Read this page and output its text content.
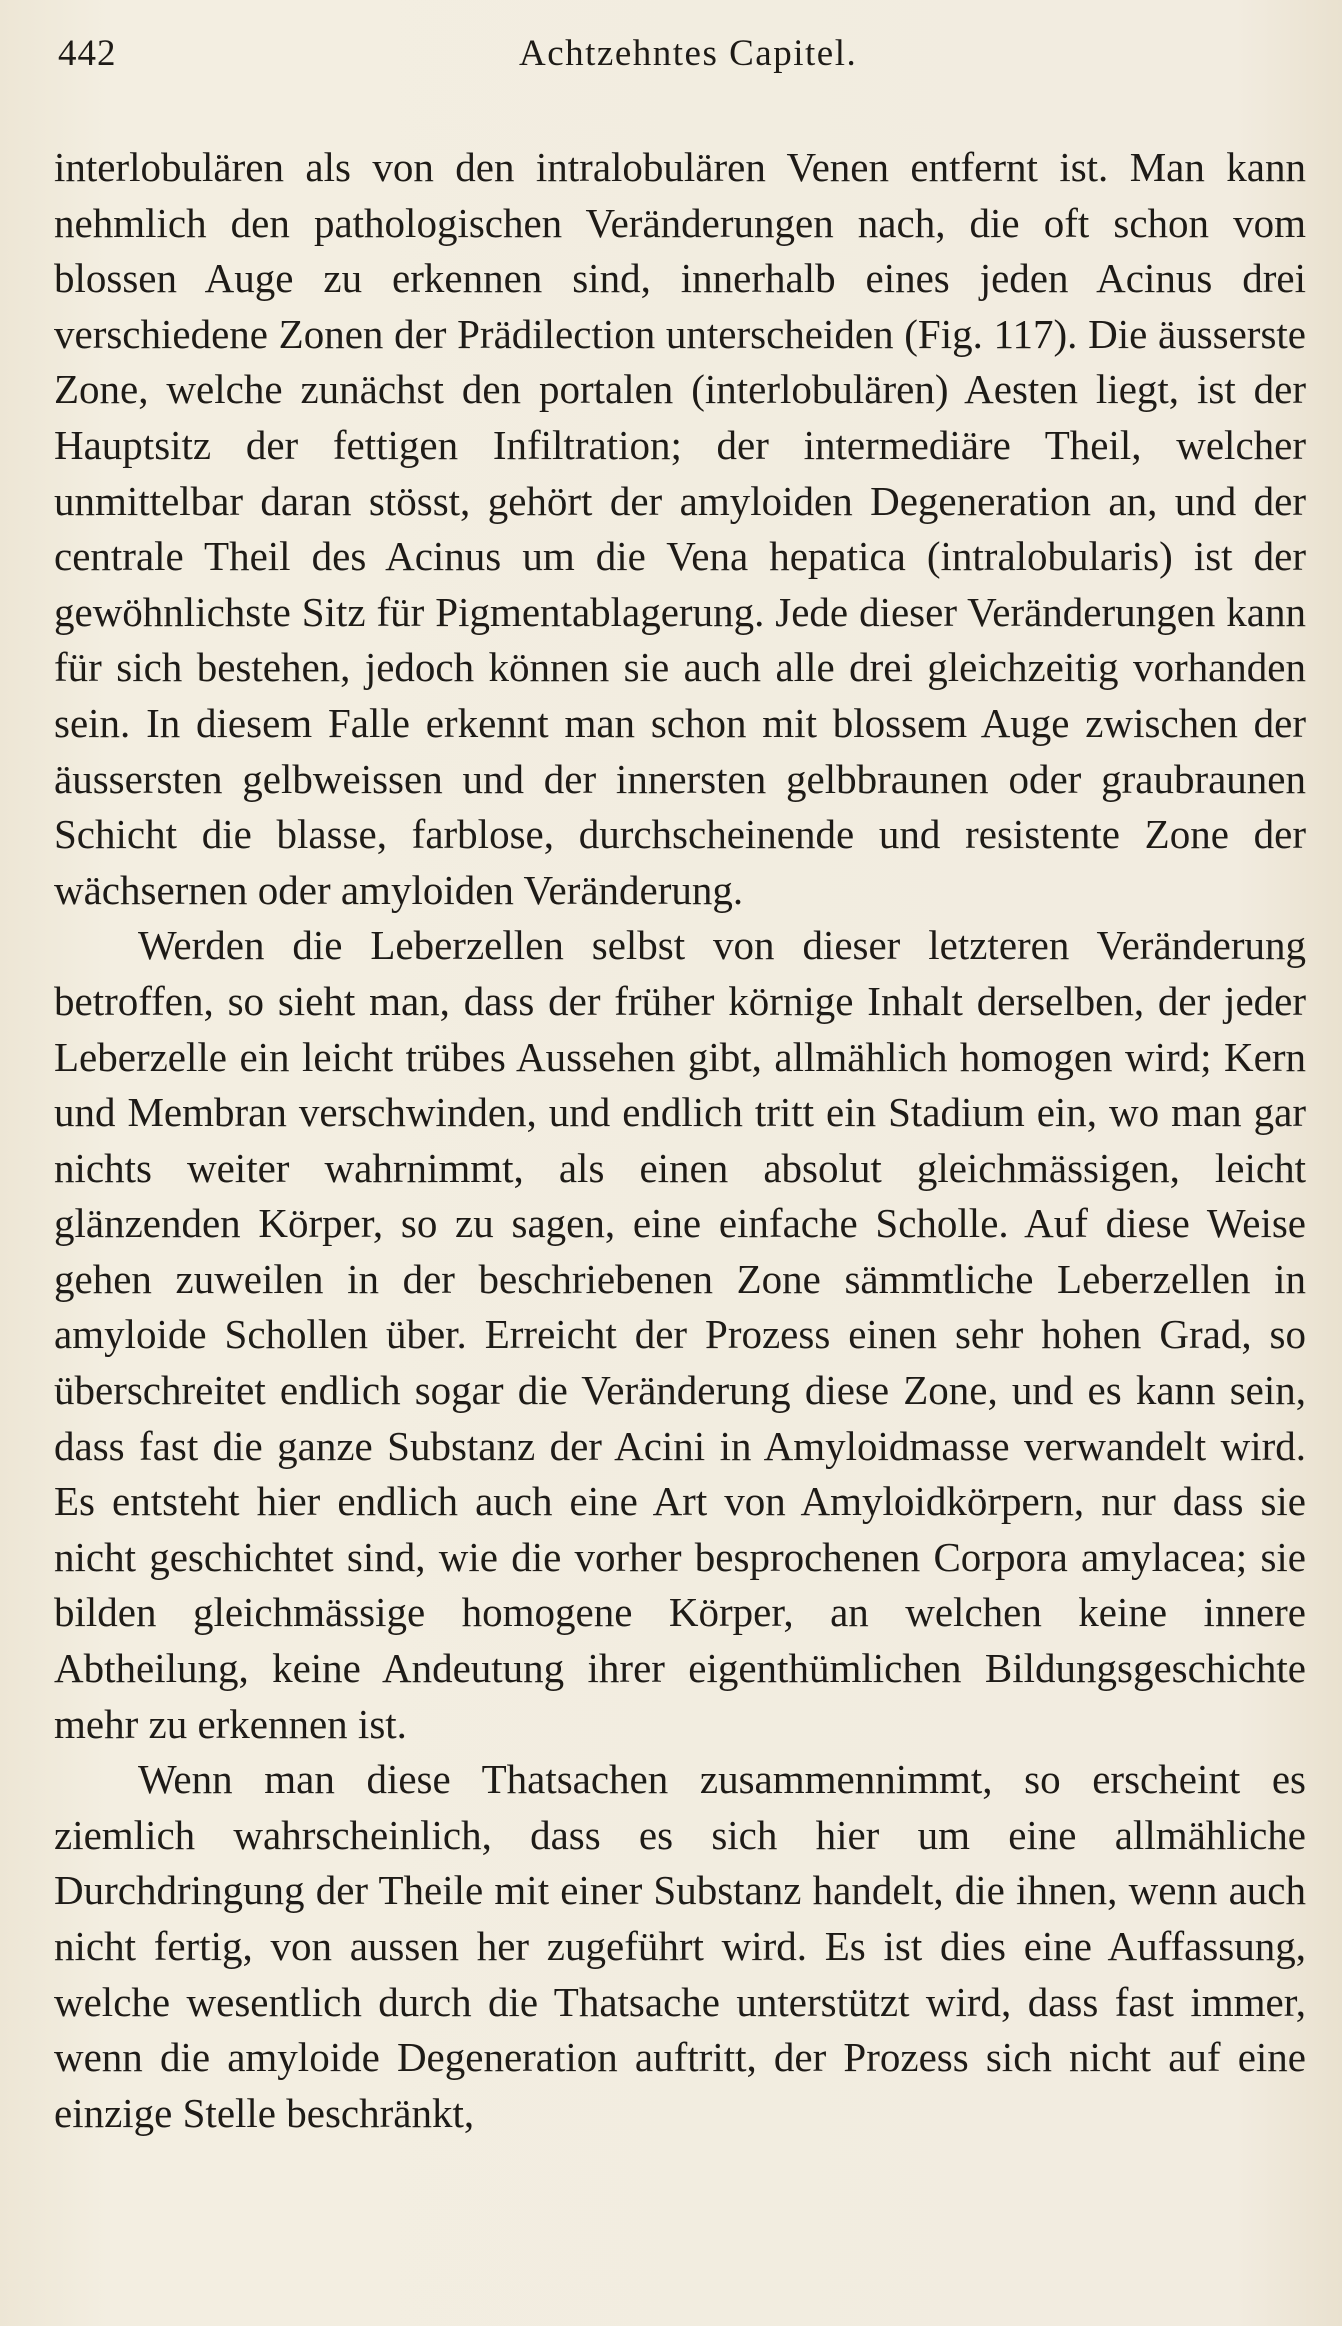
442	Achtzehntes Capitel.

interlobulären als von den intralobulären Venen entfernt ist. Man kann nehmlich den pathologischen Veränderungen nach, die oft schon vom blossen Auge zu erkennen sind, innerhalb eines jeden Acinus drei verschiedene Zonen der Prädilection unterscheiden (Fig. 117). Die äusserste Zone, welche zunächst den portalen (interlobulären) Aesten liegt, ist der Hauptsitz der fettigen Infiltration; der intermediäre Theil, welcher unmittelbar daran stösst, gehört der amyloiden Degeneration an, und der centrale Theil des Acinus um die Vena hepatica (intralobularis) ist der gewöhnlichste Sitz für Pigmentablagerung. Jede dieser Veränderungen kann für sich bestehen, jedoch können sie auch alle drei gleichzeitig vorhanden sein. In diesem Falle erkennt man schon mit blossem Auge zwischen der äussersten gelbweissen und der innersten gelbbraunen oder graubraunen Schicht die blasse, farblose, durchscheinende und resistente Zone der wächsernen oder amyloiden Veränderung.

Werden die Leberzellen selbst von dieser letzteren Veränderung betroffen, so sieht man, dass der früher körnige Inhalt derselben, der jeder Leberzelle ein leicht trübes Aussehen gibt, allmählich homogen wird; Kern und Membran verschwinden, und endlich tritt ein Stadium ein, wo man gar nichts weiter wahrnimmt, als einen absolut gleichmässigen, leicht glänzenden Körper, so zu sagen, eine einfache Scholle. Auf diese Weise gehen zuweilen in der beschriebenen Zone sämmtliche Leberzellen in amyloide Schollen über. Erreicht der Prozess einen sehr hohen Grad, so überschreitet endlich sogar die Veränderung diese Zone, und es kann sein, dass fast die ganze Substanz der Acini in Amyloidmasse verwandelt wird. Es entsteht hier endlich auch eine Art von Amyloidkörpern, nur dass sie nicht geschichtet sind, wie die vorher besprochenen Corpora amylacea; sie bilden gleichmässige homogene Körper, an welchen keine innere Abtheilung, keine Andeutung ihrer eigenthümlichen Bildungsgeschichte mehr zu erkennen ist.

Wenn man diese Thatsachen zusammennimmt, so erscheint es ziemlich wahrscheinlich, dass es sich hier um eine allmähliche Durchdringung der Theile mit einer Substanz handelt, die ihnen, wenn auch nicht fertig, von aussen her zugeführt wird. Es ist dies eine Auffassung, welche wesentlich durch die Thatsache unterstützt wird, dass fast immer, wenn die amyloide Degeneration auftritt, der Prozess sich nicht auf eine einzige Stelle beschränkt,
